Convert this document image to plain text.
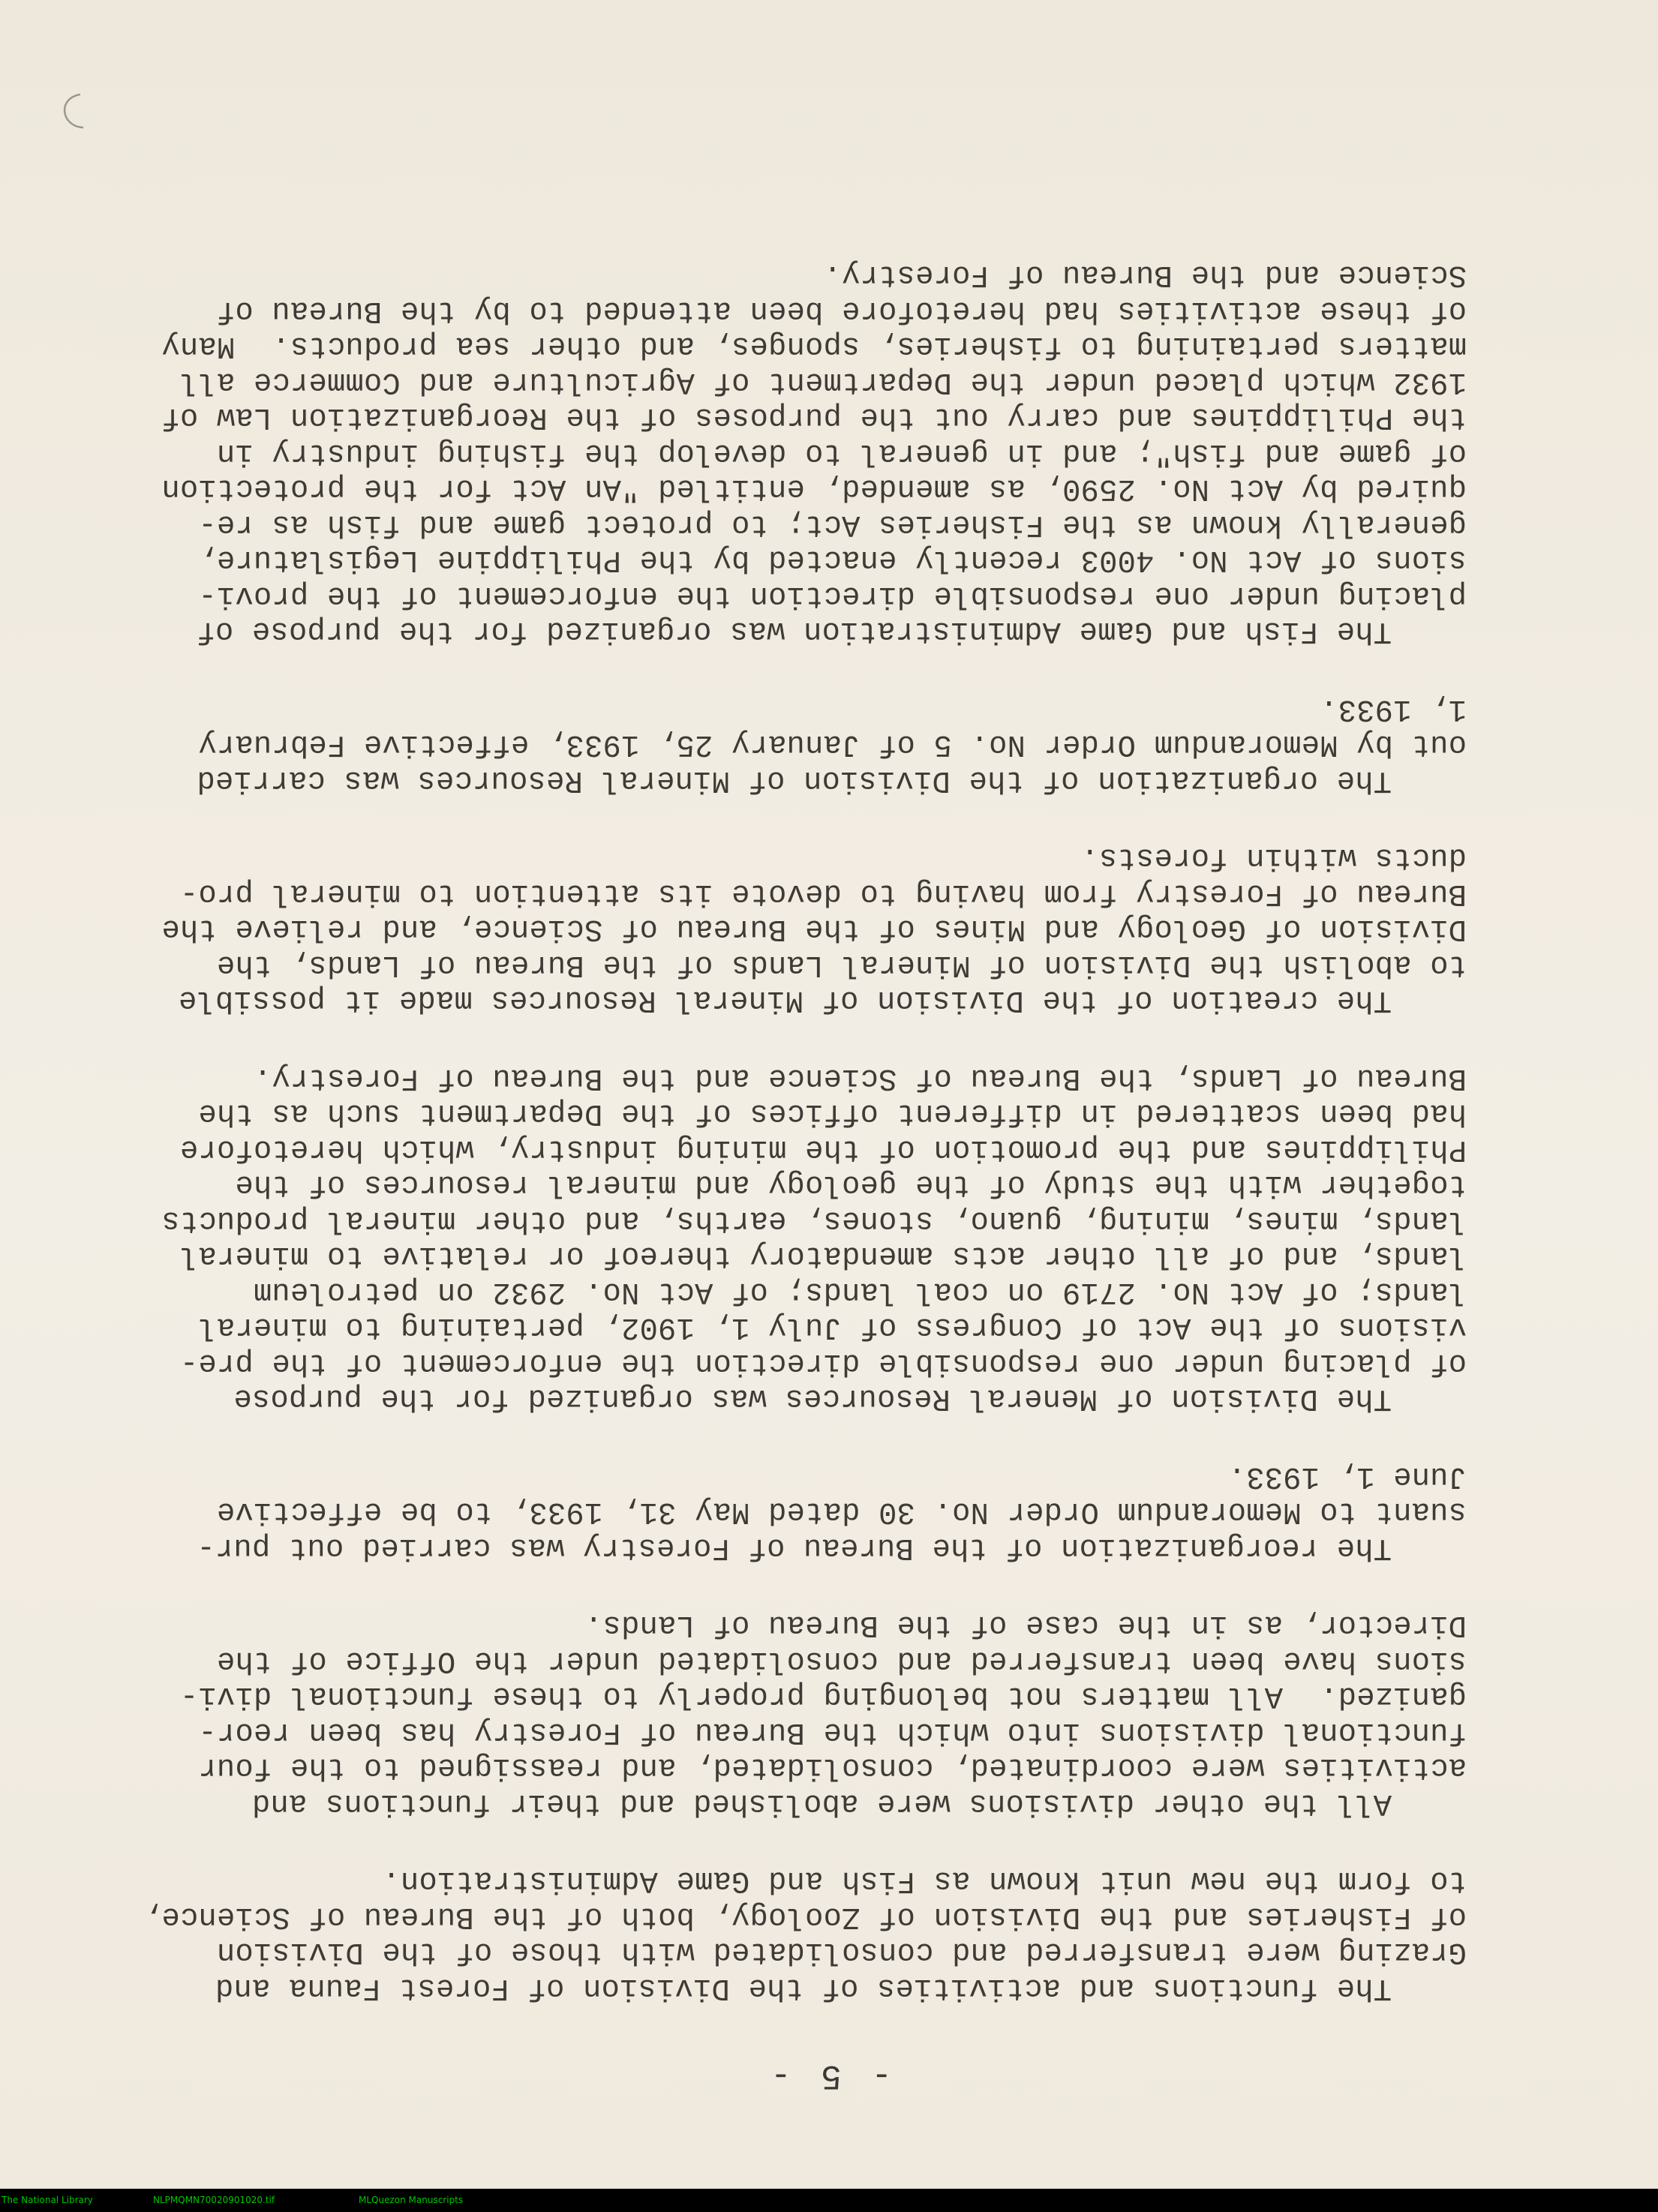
- 5 -
The functions and activities of the Division of Forest Fauna and
Grazing were transferred and consolidated with those of the Division
of Fisheries and the Division of Zoology, both of the Bureau of Science,
to form the new unit known as Fish and Game Administration.
All the other divisions were abolished and their functions and
activities were coordinated, consolidated, and reassigned to the four
functional divisions into which the Bureau of Forestry has been reor-
ganized.  All matters not belonging properly to these functional divi-
sions have been transferred and consolidated under the Office of the
Director, as in the case of the Bureau of Lands.
The reorganization of the Bureau of Forestry was carried out pur-
suant to Memorandum Order No. 30 dated May 31, 1933, to be effective
June 1, 1933.
The Division of Meneral Resources was organized for the purpose
of placing under one responsible direction the enforcement of the pre-
visions of the Act of Congress of July 1, 1902, pertaining to mineral
lands; of Act No. 2719 on coal lands; of Act No. 2932 on petroleum
lands, and of all other acts amendatory thereof or relative to mineral
lands, mines, mining, guano, stones, earths, and other mineral products
together with the study of the geology and mineral resources of the
Philippines and the promotion of the mining industry, which heretofore
had been scattered in different offices of the Department such as the
Bureau of Lands, the Bureau of Science and the Bureau of Forestry.
The creation of the Division of Mineral Resources made it possible
to abolish the Division of Mineral Lands of the Bureau of Lands, the
Division of Geology and Mines of the Bureau of Science, and relieve the
Bureau of Forestry from having to devote its attention to mineral pro-
ducts within forests.
The organization of the Division of Mineral Resources was carried
out by Memorandum Order No. 5 of January 25, 1933, effective February
1, 1933.
The Fish and Game Administration was organized for the purpose of
placing under one responsible direction the enforcement of the provi-
sions of Act No. 4003 recently enacted by the Philippine Legislature,
generally known as the Fisheries Act; to protect game and fish as re-
quired by Act No. 2590, as amended, entitled "An Act for the protection
of game and fish"; and in general to develop the fishing industry in
the Philippines and carry out the purposes of the Reorganization Law of
1932 which placed under the Department of Agriculture and Commerce all
matters pertaining to fisheries, sponges, and other sea products.  Many
of these activities had heretofore been attended to by the Bureau of
Science and the Bureau of Forestry.
The National Library	NLPMQMN70020901020.tif	MLQuezon Manuscripts
